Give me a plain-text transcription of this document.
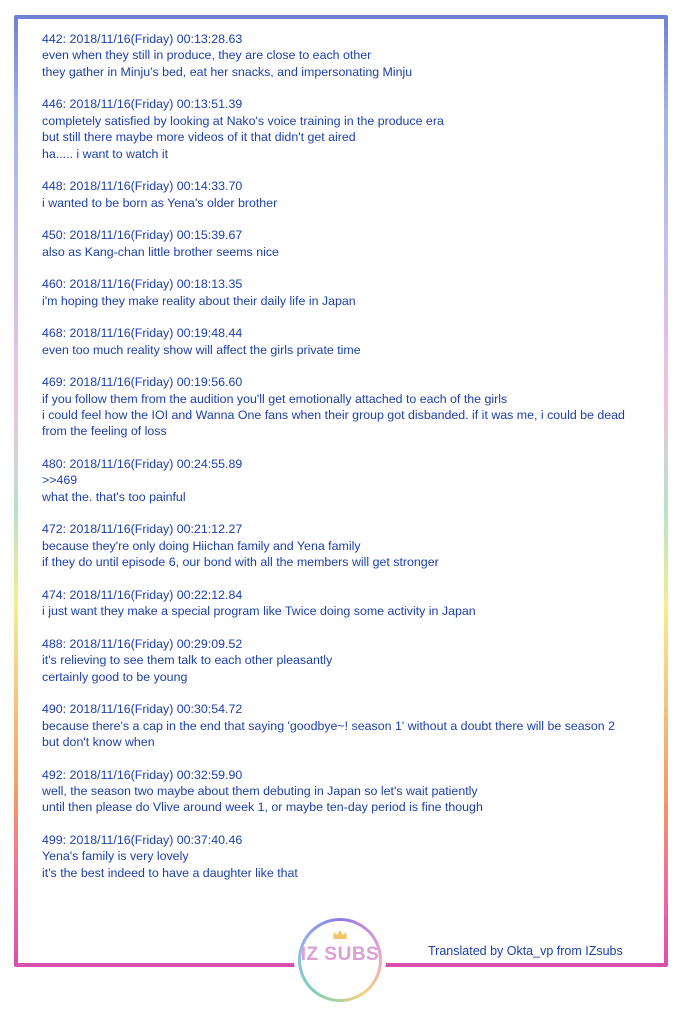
442: 2018/11/16(Friday) 00:13:28.63
even when they still in produce, they are close to each other
they gather in Minju's bed, eat her snacks, and impersonating Minju
446: 2018/11/16(Friday) 00:13:51.39
completely satisfied by looking at Nako's voice training in the produce era
but still there maybe more videos of it that didn't get aired
ha..... i want to watch it
448: 2018/11/16(Friday) 00:14:33.70
i wanted to be born as Yena's older brother
450: 2018/11/16(Friday) 00:15:39.67
also as Kang-chan little brother seems nice
460: 2018/11/16(Friday) 00:18:13.35
i'm hoping they make reality about their daily life in Japan
468: 2018/11/16(Friday) 00:19:48.44
even too much reality show will affect the girls private time
469: 2018/11/16(Friday) 00:19:56.60
if you follow them from the audition you'll get emotionally attached to each of the girls
i could feel how the IOI and Wanna One fans when their group got disbanded. if it was me, i could be dead from the feeling of loss
480: 2018/11/16(Friday) 00:24:55.89
>>469
what the. that's too painful
472: 2018/11/16(Friday) 00:21:12.27
because they're only doing Hiichan family and Yena family
if they do until episode 6, our bond with all the members will get stronger
474: 2018/11/16(Friday) 00:22:12.84
i just want they make a special program like Twice doing some activity in Japan
488: 2018/11/16(Friday) 00:29:09.52
it's relieving to see them talk to each other pleasantly
certainly good to be young
490: 2018/11/16(Friday) 00:30:54.72
because there's a cap in the end that saying 'goodbye~! season 1' without a doubt there will be season 2
but don't know when
492: 2018/11/16(Friday) 00:32:59.90
well, the season two maybe about them debuting in Japan so let's wait patiently
until then please do Vlive around week 1, or maybe ten-day period is fine though
499: 2018/11/16(Friday) 00:37:40.46
Yena's family is very lovely
it's the best indeed to have a daughter like that
IZ SUBS	Translated by Okta_vp from IZsubs
